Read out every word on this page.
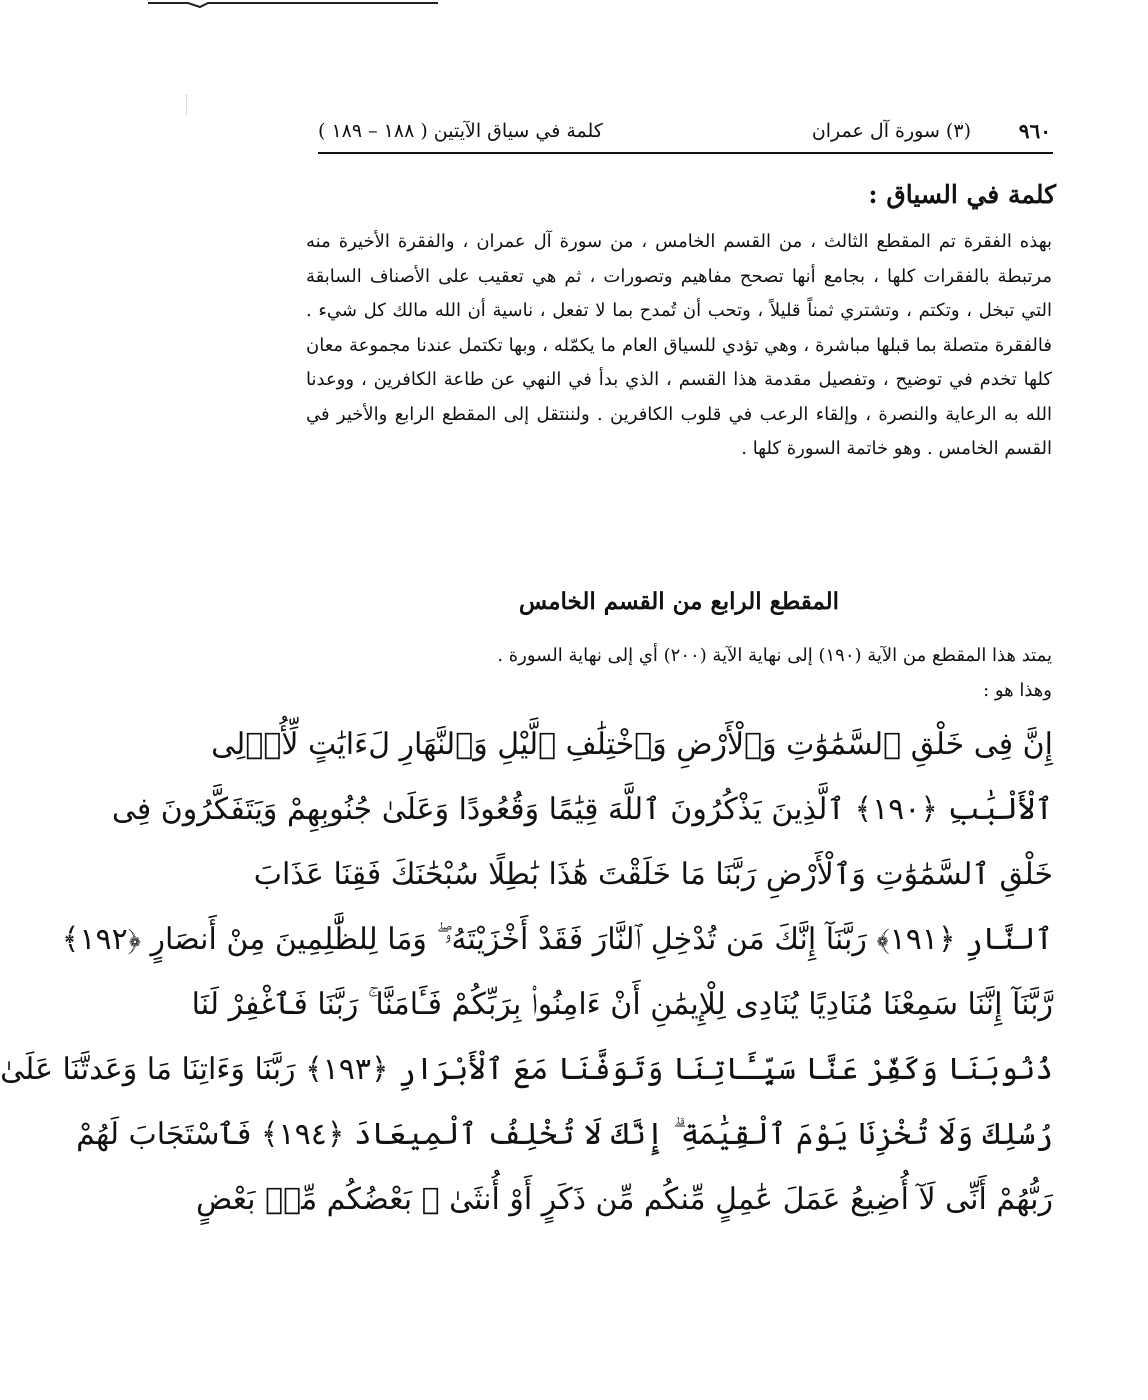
٩٦٠
(٣) سورة آل عمران
كلمة في سياق الآيتين ( ١٨٨ – ١٨٩ )
كلمة في السياق :

بهذه الفقرة تم المقطع الثالث ، من القسم الخامس ، من سورة آل عمران ، والفقرة الأخيرة منه مرتبطة بالفقرات كلها ، بجامع أنها تصحح مفاهيم وتصورات ، ثم هي تعقيب على الأصناف السابقة التي تبخل ، وتكتم ، وتشتري ثمناً قليلاً ، وتحب أن تُمدح بما لا تفعل ، ناسية أن الله مالك كل شيء . فالفقرة متصلة بما قبلها مباشرة ، وهي تؤدي للسياق العام ما يكمّله ، وبها تكتمل عندنا مجموعة معان كلها تخدم في توضيح ، وتفصيل مقدمة هذا القسم ، الذي بدأ في النهي عن طاعة الكافرين ، ووعدنا الله به الرعاية والنصرة ، وإلقاء الرعب في قلوب الكافرين . ولننتقل إلى المقطع الرابع والأخير في القسم الخامس . وهو خاتمة السورة كلها .

المقطع الرابع من القسم الخامس

يمتد هذا المقطع من الآية (١٩٠) إلى نهاية الآية (٢٠٠) أي إلى نهاية السورة .

وهذا هو :

إِنَّ فِى خَلْقِ ٱلسَّمَٰوَٰتِ وَٱلْأَرْضِ وَٱخْتِلَٰفِ ٱلَّيْلِ وَٱلنَّهَارِ لَءَايَٰتٍ لِّأُو۟لِى
ٱلْأَلْبَٰبِ ﴿١٩٠﴾ ٱلَّذِينَ يَذْكُرُونَ ٱللَّهَ قِيَٰمًا وَقُعُودًا وَعَلَىٰ جُنُوبِهِمْ وَيَتَفَكَّرُونَ فِى
خَلْقِ ٱلسَّمَٰوَٰتِ وَٱلْأَرْضِ رَبَّنَا مَا خَلَقْتَ هَٰذَا بَٰطِلًا سُبْحَٰنَكَ فَقِنَا عَذَابَ
ٱلنَّارِ ﴿١٩١﴾ رَبَّنَآ إِنَّكَ مَن تُدْخِلِ ٱلنَّارَ فَقَدْ أَخْزَيْتَهُۥ ۖ وَمَا لِلظَّٰلِمِينَ مِنْ أَنصَارٍ ﴿١٩٢﴾
رَّبَّنَآ إِنَّنَا سَمِعْنَا مُنَادِيًا يُنَادِى لِلْإِيمَٰنِ أَنْ ءَامِنُوا۟ بِرَبِّكُمْ فَـَٔامَنَّا ۚ رَبَّنَا فَٱغْفِرْ لَنَا
ذُنُوبَنَا وَكَفِّرْ عَنَّا سَيِّـَٔاتِنَا وَتَوَفَّنَا مَعَ ٱلْأَبْرَارِ ﴿١٩٣﴾ رَبَّنَا وَءَاتِنَا مَا وَعَدتَّنَا عَلَىٰ
رُسُلِكَ وَلَا تُخْزِنَا يَوْمَ ٱلْقِيَٰمَةِ ۗ إِنَّكَ لَا تُخْلِفُ ٱلْمِيعَادَ ﴿١٩٤﴾ فَٱسْتَجَابَ لَهُمْ
رَبُّهُمْ أَنِّى لَآ أُضِيعُ عَمَلَ عَٰمِلٍ مِّنكُم مِّن ذَكَرٍ أَوْ أُنثَىٰ ۖ بَعْضُكُم مِّنۢ بَعْضٍ
